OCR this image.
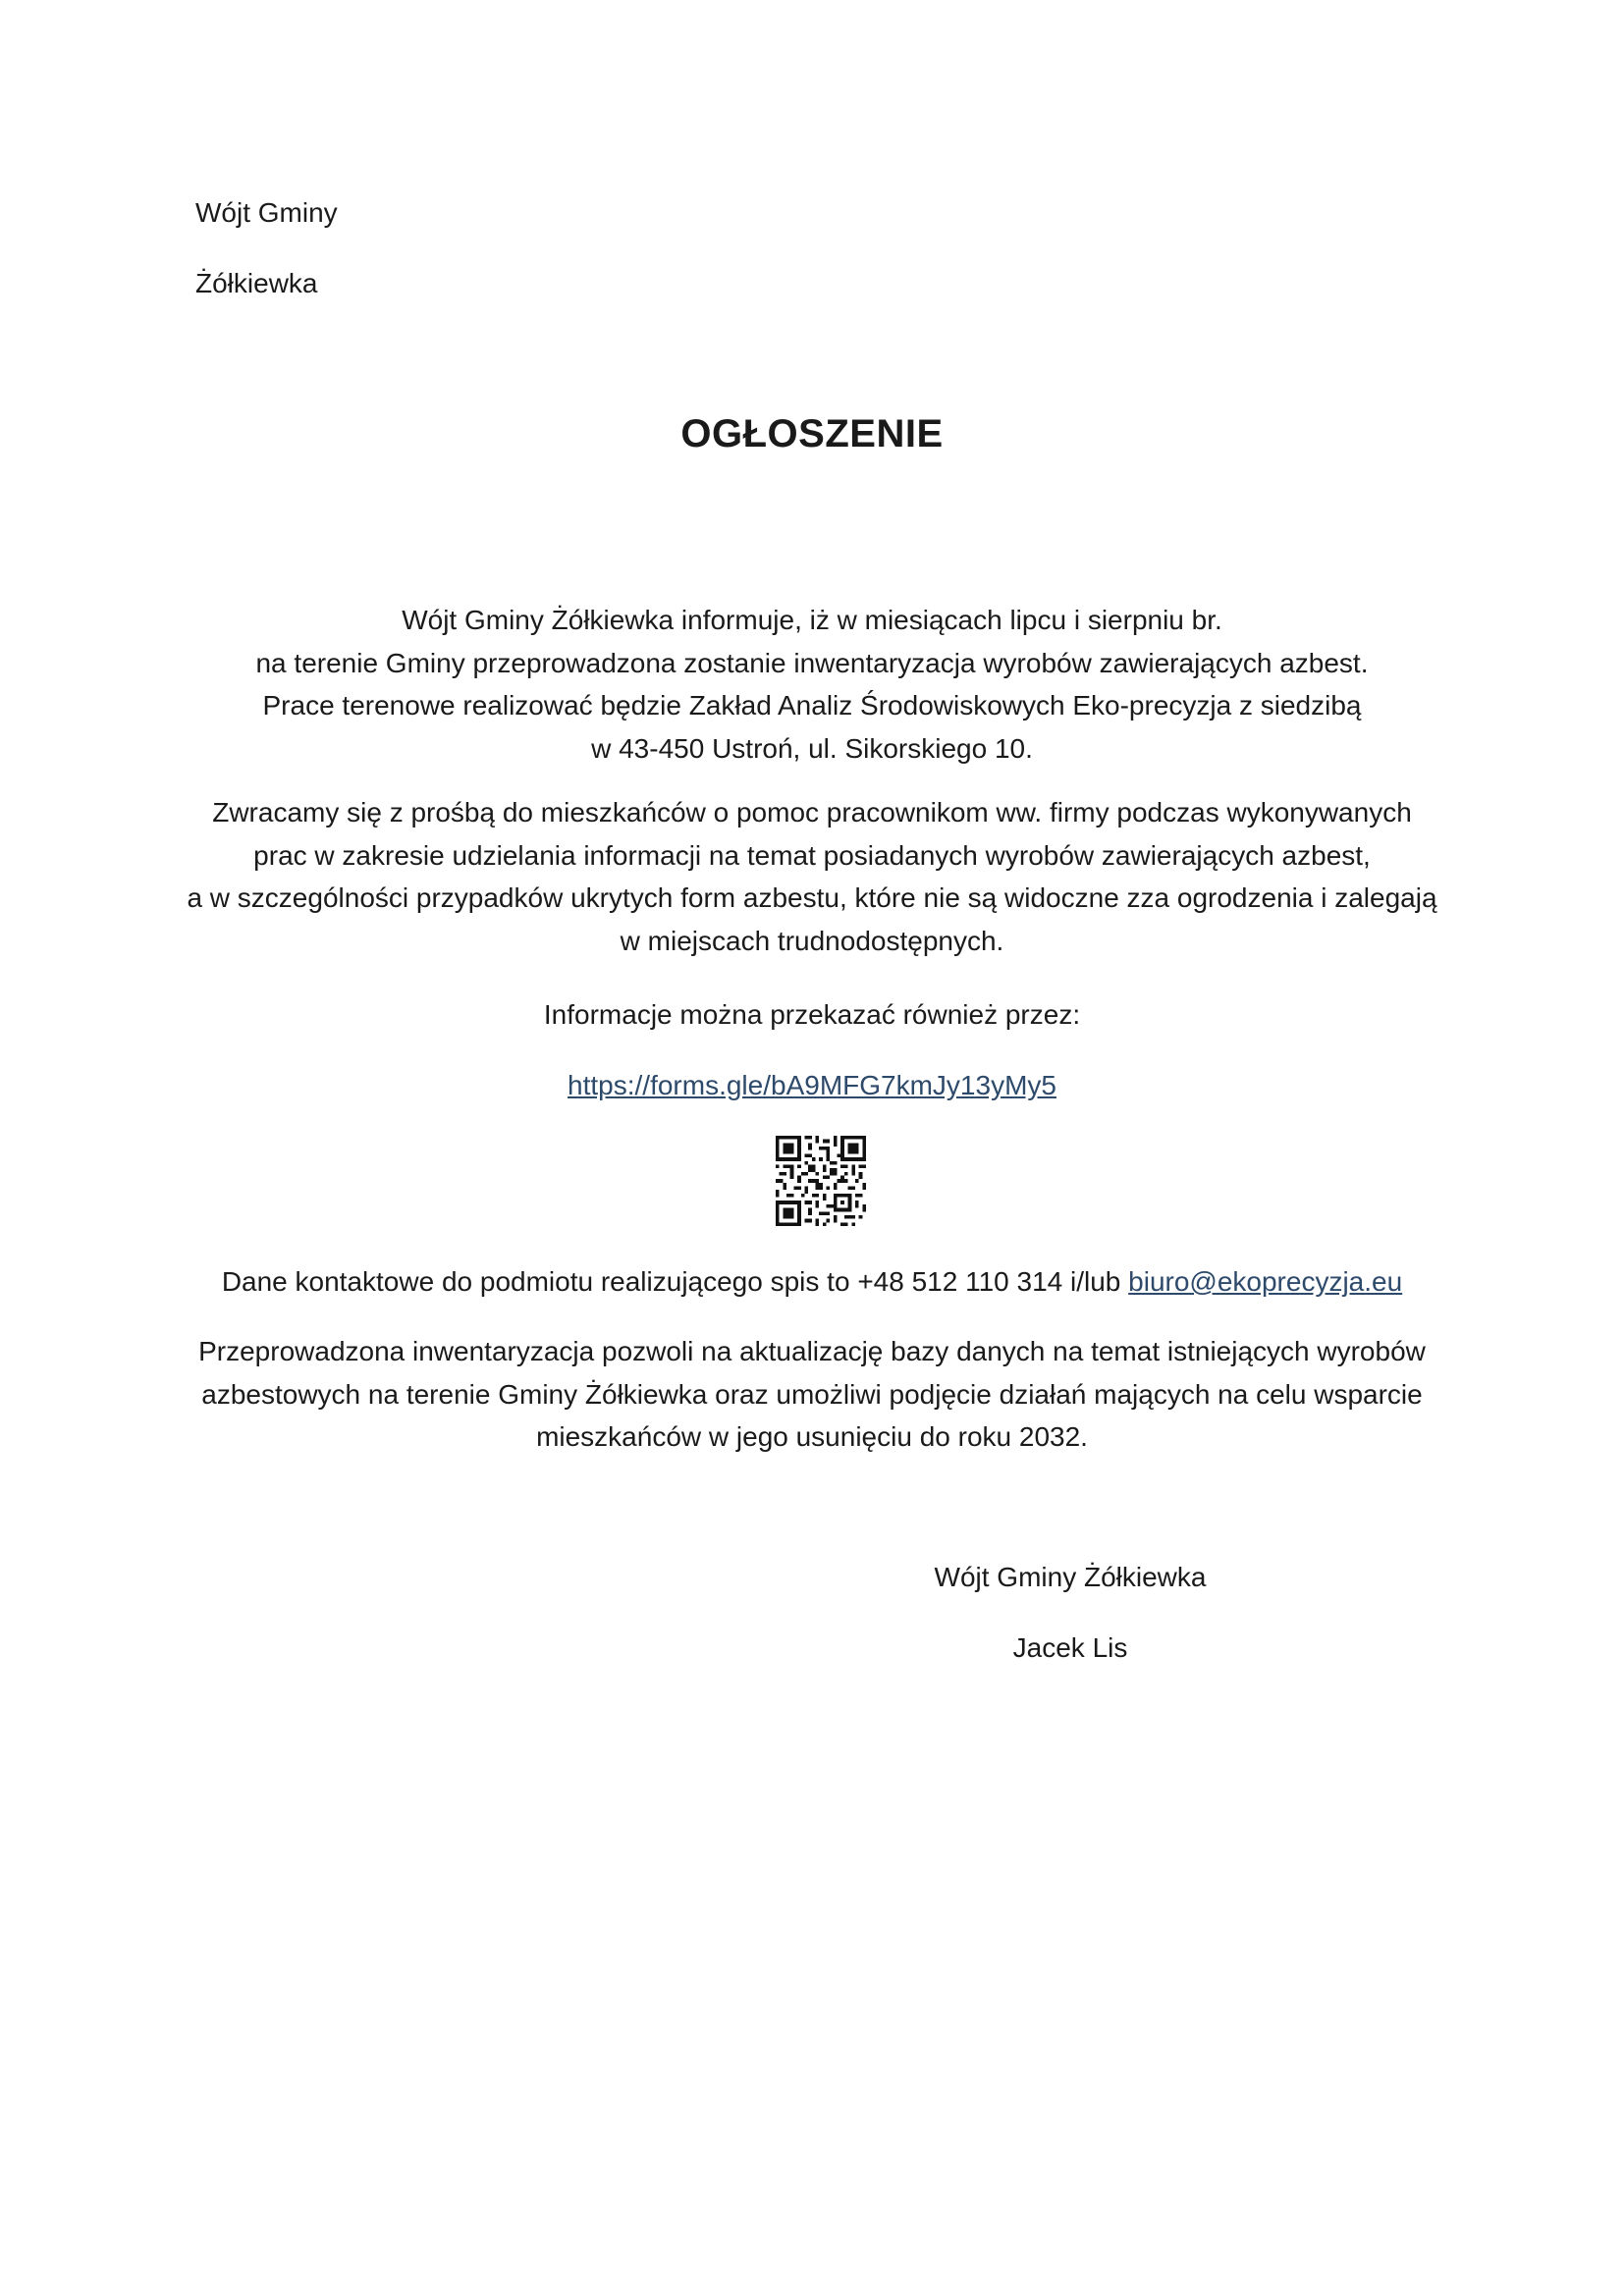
Wójt Gminy
Żółkiewka
OGŁOSZENIE
Wójt Gminy Żółkiewka informuje, iż w miesiącach lipcu i sierpniu br.
na terenie Gminy przeprowadzona zostanie inwentaryzacja wyrobów zawierających azbest.
Prace terenowe realizować będzie Zakład Analiz Środowiskowych Eko-precyzja z siedzibą
w 43-450 Ustroń, ul. Sikorskiego 10.
Zwracamy się z prośbą do mieszkańców o pomoc pracownikom ww. firmy podczas wykonywanych
prac w zakresie udzielania informacji na temat posiadanych wyrobów zawierających azbest,
a w szczególności przypadków ukrytych form azbestu, które nie są widoczne zza ogrodzenia i zalegają
w miejscach trudnodostępnych.
Informacje można przekazać również przez:
https://forms.gle/bA9MFG7kmJy13yMy5
Dane kontaktowe do podmiotu realizującego spis to +48 512 110 314 i/lub biuro@ekoprecyzja.eu
Przeprowadzona inwentaryzacja pozwoli na aktualizację bazy danych na temat istniejących wyrobów
azbestowych na terenie Gminy Żółkiewka oraz umożliwi podjęcie działań mających na celu wsparcie
mieszkańców w jego usunięciu do roku 2032.
Wójt Gminy Żółkiewka
Jacek Lis
